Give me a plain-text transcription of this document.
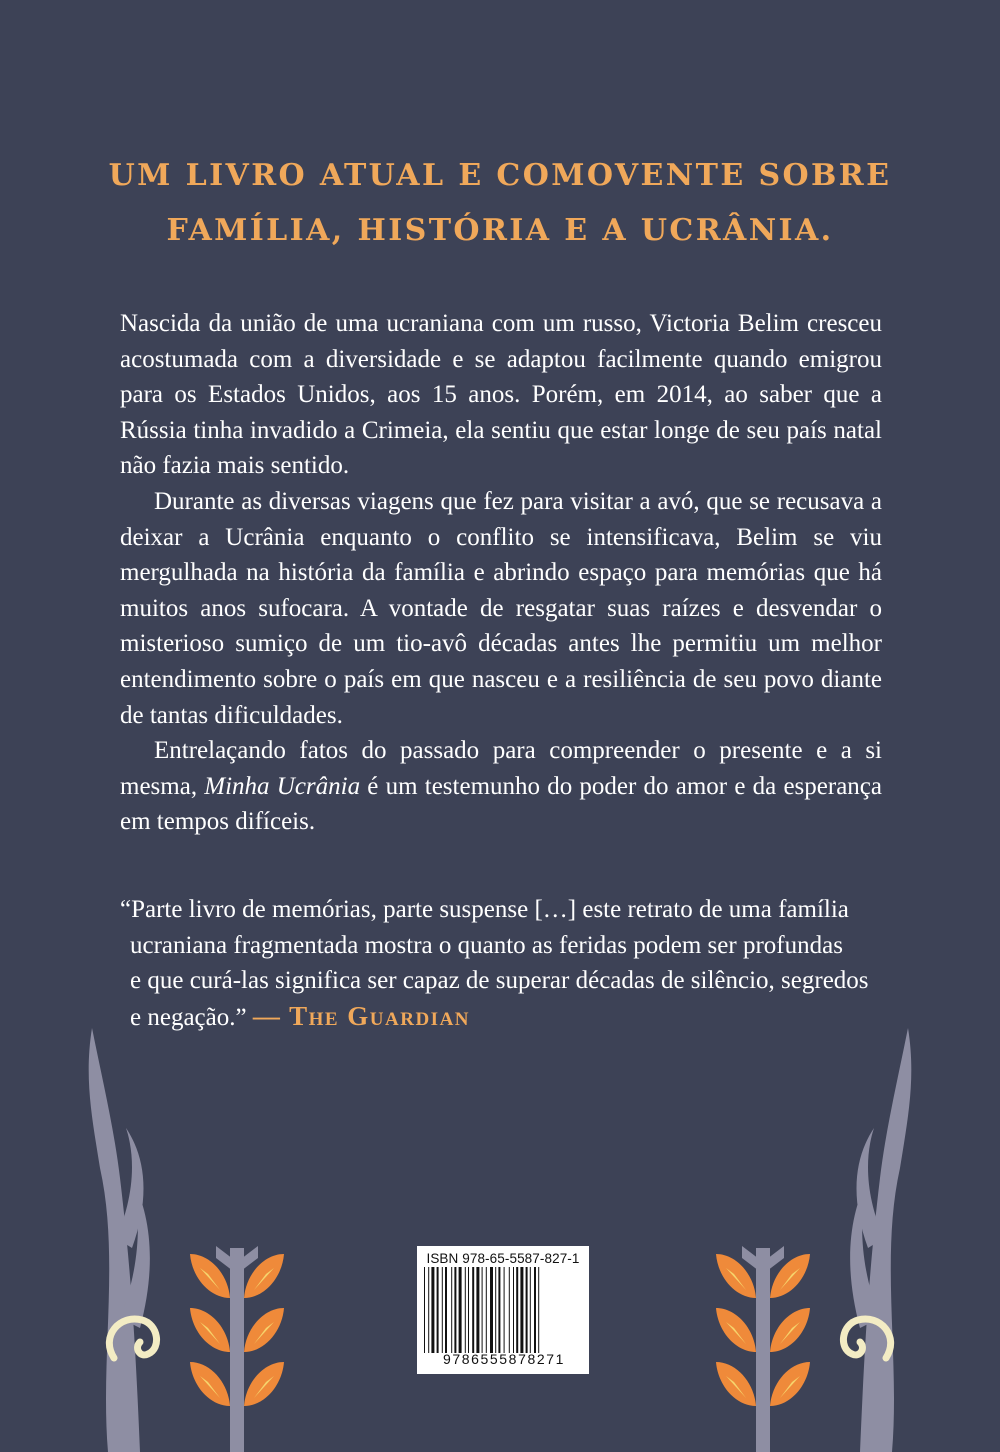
UM LIVRO ATUAL E COMOVENTE SOBRE
FAMÍLIA, HISTÓRIA E A UCRÂNIA.

Nascida da união de uma ucraniana com um russo, Victoria Belim cresceu acostumada com a diversidade e se adaptou facilmente quando emigrou para os Estados Unidos, aos 15 anos. Porém, em 2014, ao saber que a Rússia tinha invadido a Crimeia, ela sentiu que estar longe de seu país natal não fazia mais sentido.

Durante as diversas viagens que fez para visitar a avó, que se recusava a deixar a Ucrânia enquanto o conflito se intensificava, Belim se viu mergulhada na história da família e abrindo espaço para memórias que há muitos anos sufocara. A vontade de resgatar suas raízes e desvendar o misterioso sumiço de um tio-avô décadas antes lhe permitiu um melhor entendimento sobre o país em que nasceu e a resiliência de seu povo diante de tantas dificuldades.

Entrelaçando fatos do passado para compreender o presente e a si mesma, Minha Ucrânia é um testemunho do poder do amor e da esperança em tempos difíceis.

“Parte livro de memórias, parte suspense […] este retrato de uma família
ucraniana fragmentada mostra o quanto as feridas podem ser profundas
e que curá-las significa ser capaz de superar décadas de silêncio, segredos
e negação.” — The Guardian
ISBN 978-65-5587-827-1
9786555878271
